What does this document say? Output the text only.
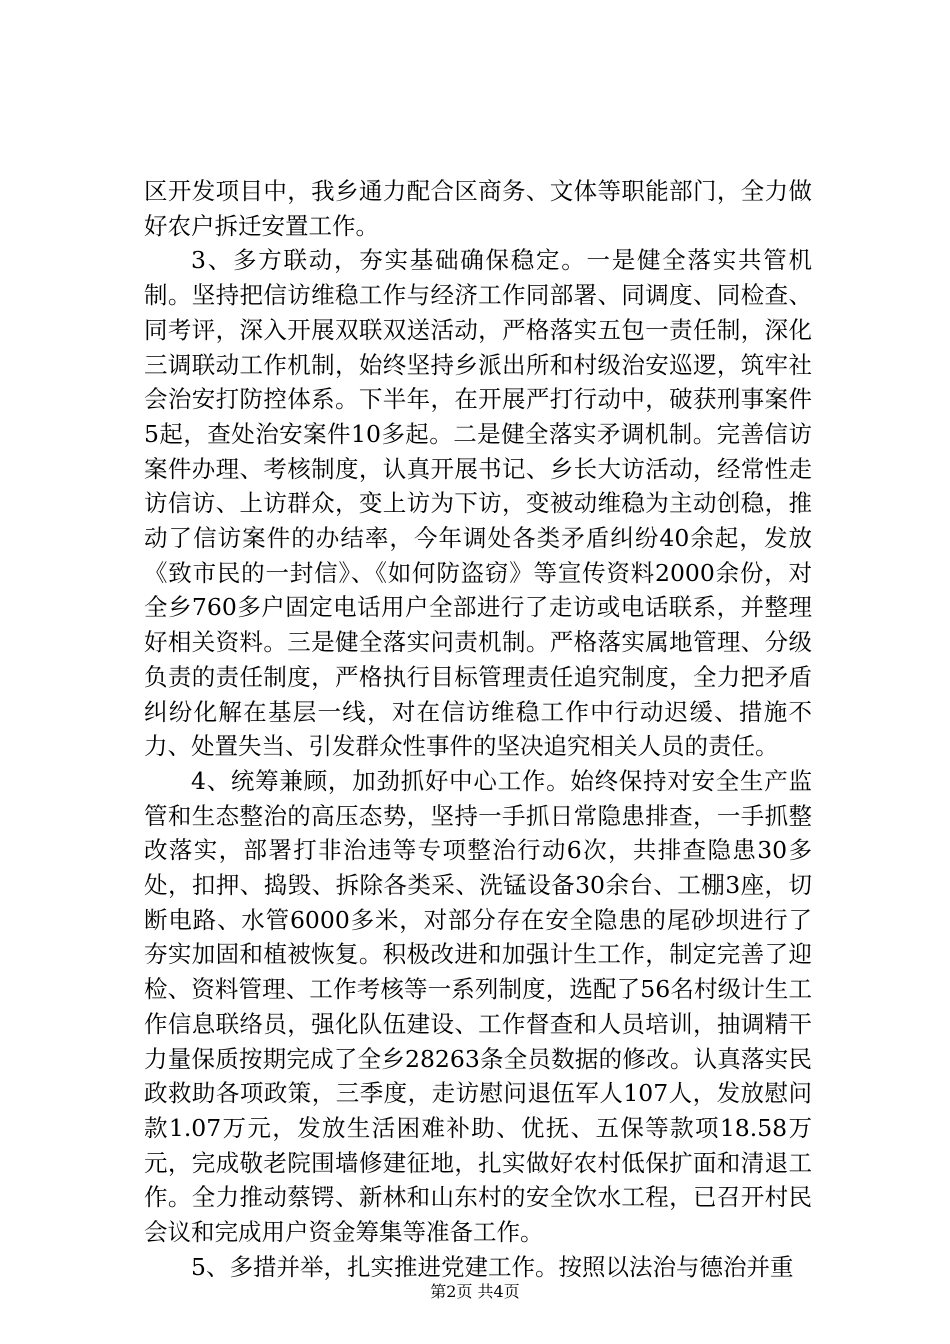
区开发项目中，我乡通力配合区商务、文体等职能部门，全力做好农户拆迁安置工作。

3、多方联动，夯实基础确保稳定。一是健全落实共管机制。坚持把信访维稳工作与经济工作同部署、同调度、同检查、同考评，深入开展双联双送活动，严格落实五包一责任制，深化三调联动工作机制，始终坚持乡派出所和村级治安巡逻，筑牢社会治安打防控体系。下半年，在开展严打行动中，破获刑事案件5起，查处治安案件10多起。二是健全落实矛调机制。完善信访案件办理、考核制度，认真开展书记、乡长大访活动，经常性走访信访、上访群众，变上访为下访，变被动维稳为主动创稳，推动了信访案件的办结率，今年调处各类矛盾纠纷40余起，发放《致市民的一封信》、《如何防盗窃》等宣传资料2000余份，对全乡760多户固定电话用户全部进行了走访或电话联系，并整理好相关资料。三是健全落实问责机制。严格落实属地管理、分级负责的责任制度，严格执行目标管理责任追究制度，全力把矛盾纠纷化解在基层一线，对在信访维稳工作中行动迟缓、措施不力、处置失当、引发群众性事件的坚决追究相关人员的责任。

4、统筹兼顾，加劲抓好中心工作。始终保持对安全生产监管和生态整治的高压态势，坚持一手抓日常隐患排查，一手抓整改落实，部署打非治违等专项整治行动6次，共排查隐患30多处，扣押、捣毁、拆除各类采、洗锰设备30余台、工棚3座，切断电路、水管6000多米，对部分存在安全隐患的尾砂坝进行了夯实加固和植被恢复。积极改进和加强计生工作，制定完善了迎检、资料管理、工作考核等一系列制度，选配了56名村级计生工作信息联络员，强化队伍建设、工作督查和人员培训，抽调精干力量保质按期完成了全乡28263条全员数据的修改。认真落实民政救助各项政策，三季度，走访慰问退伍军人107人，发放慰问款1.07万元，发放生活困难补助、优抚、五保等款项18.58万元，完成敬老院围墙修建征地，扎实做好农村低保扩面和清退工作。全力推动蔡锷、新林和山东村的安全饮水工程，已召开村民会议和完成用户资金筹集等准备工作。

5、多措并举，扎实推进党建工作。按照以法治与德治并重

第2页 共4页
